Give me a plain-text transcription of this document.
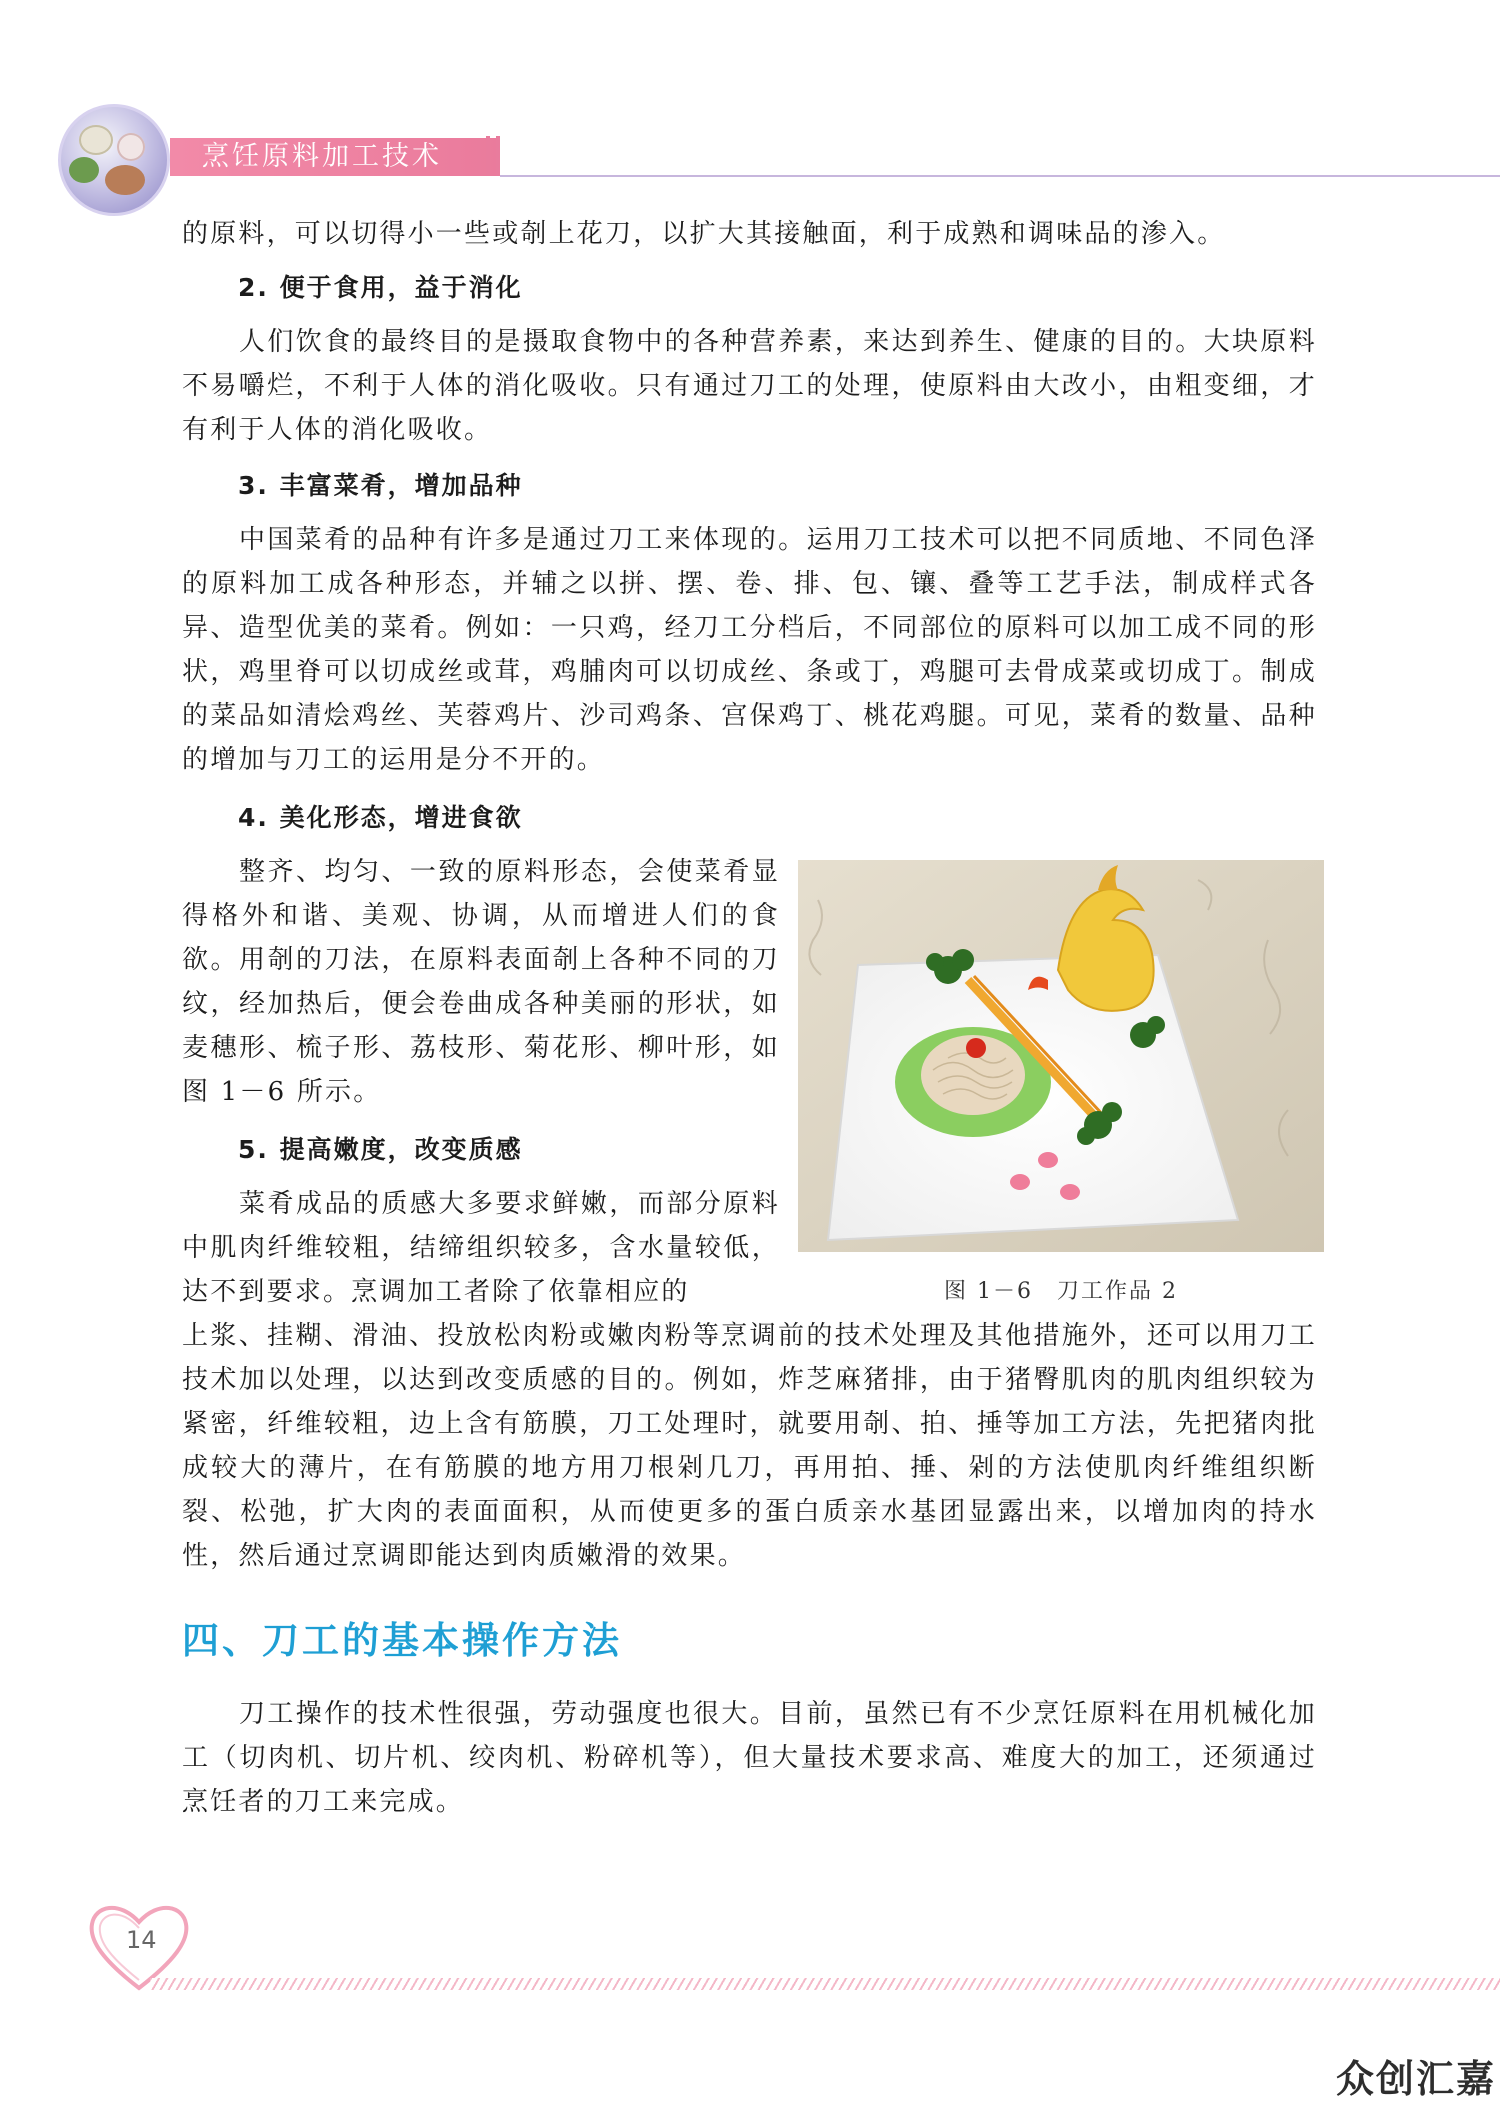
烹饪原料加工技术

的原料，可以切得小一些或剞上花刀，以扩大其接触面，利于成熟和调味品的渗入。

2. 便于食用，益于消化

人们饮食的最终目的是摄取食物中的各种营养素，来达到养生、健康的目的。大块原料不易嚼烂，不利于人体的消化吸收。只有通过刀工的处理，使原料由大改小，由粗变细，才有利于人体的消化吸收。

3. 丰富菜肴，增加品种

中国菜肴的品种有许多是通过刀工来体现的。运用刀工技术可以把不同质地、不同色泽的原料加工成各种形态，并辅之以拼、摆、卷、排、包、镶、叠等工艺手法，制成样式各异、造型优美的菜肴。例如：一只鸡，经刀工分档后，不同部位的原料可以加工成不同的形状，鸡里脊可以切成丝或茸，鸡脯肉可以切成丝、条或丁，鸡腿可去骨成菜或切成丁。制成的菜品如清烩鸡丝、芙蓉鸡片、沙司鸡条、宫保鸡丁、桃花鸡腿。可见，菜肴的数量、品种的增加与刀工的运用是分不开的。

4. 美化形态，增进食欲

整齐、均匀、一致的原料形态，会使菜肴显得格外和谐、美观、协调，从而增进人们的食欲。用剞的刀法，在原料表面剞上各种不同的刀纹，经加热后，便会卷曲成各种美丽的形状，如麦穗形、梳子形、荔枝形、菊花形、柳叶形，如图 1－6 所示。

5. 提高嫩度，改变质感

菜肴成品的质感大多要求鲜嫩，而部分原料中肌肉纤维较粗，结缔组织较多，含水量较低，达不到要求。烹调加工者除了依靠相应的

上浆、挂糊、滑油、投放松肉粉或嫩肉粉等烹调前的技术处理及其他措施外，还可以用刀工技术加以处理，以达到改变质感的目的。例如，炸芝麻猪排，由于猪臀肌肉的肌肉组织较为紧密，纤维较粗，边上含有筋膜，刀工处理时，就要用剞、拍、捶等加工方法，先把猪肉批成较大的薄片，在有筋膜的地方用刀根剁几刀，再用拍、捶、剁的方法使肌肉纤维组织断裂、松弛，扩大肉的表面面积，从而使更多的蛋白质亲水基团显露出来，以增加肉的持水性，然后通过烹调即能达到肉质嫩滑的效果。

四、刀工的基本操作方法

刀工操作的技术性很强，劳动强度也很大。目前，虽然已有不少烹饪原料在用机械化加工（切肉机、切片机、绞肉机、粉碎机等），但大量技术要求高、难度大的加工，还须通过烹饪者的刀工来完成。

图 1－6　刀工作品 2
14
众创汇嘉
